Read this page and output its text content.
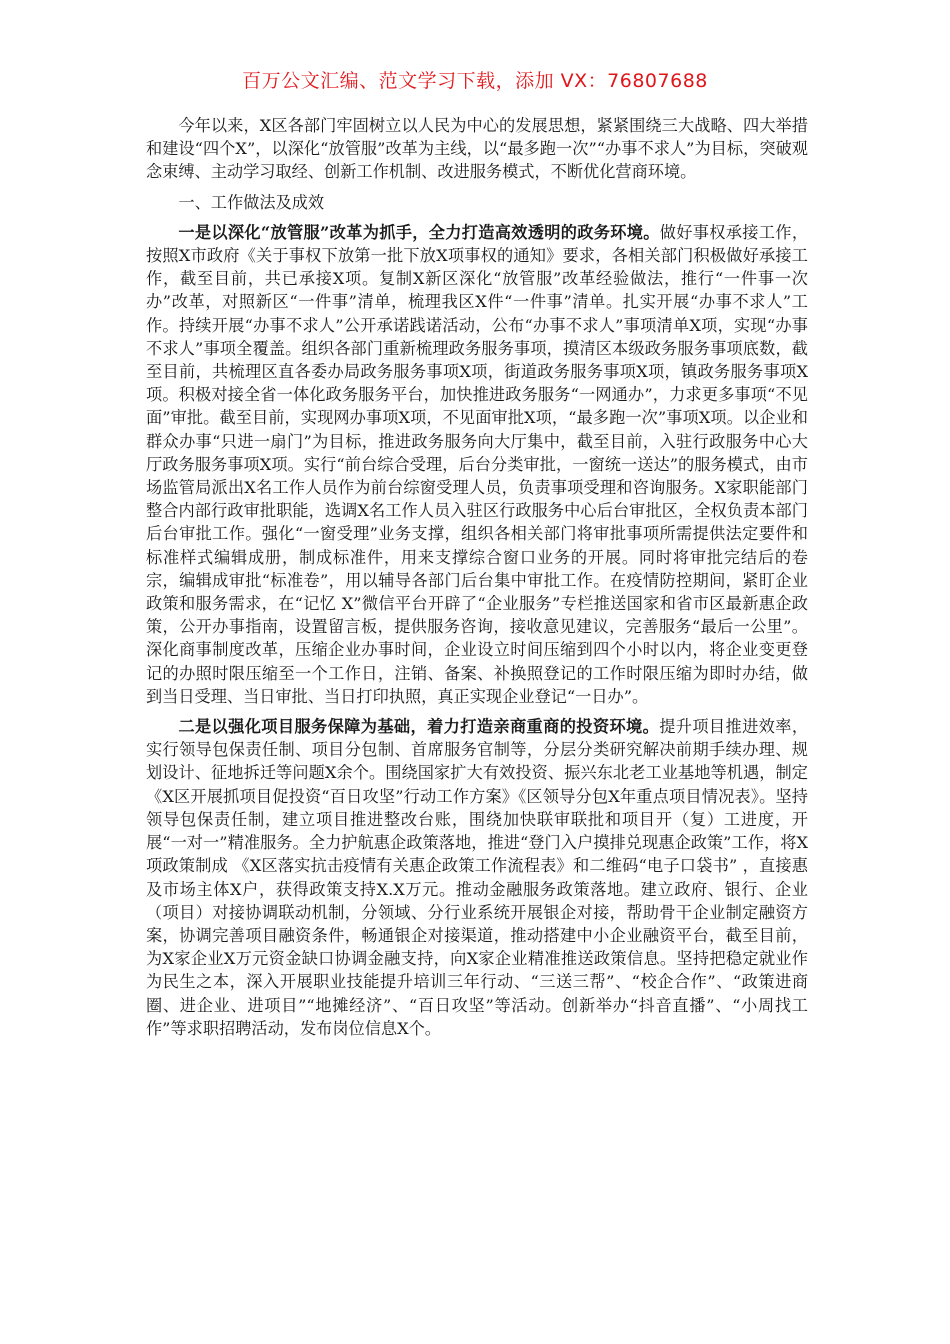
百万公文汇编、范文学习下载，添加 VX：76807688

今年以来，X区各部门牢固树立以人民为中心的发展思想，紧紧围绕三大战略、四大举措和建设“四个X”，以深化“放管服”改革为主线，以“最多跑一次”“办事不求人”为目标，突破观念束缚、主动学习取经、创新工作机制、改进服务模式，不断优化营商环境。

一、工作做法及成效

一是以深化“放管服”改革为抓手，全力打造高效透明的政务环境。做好事权承接工作，按照X市政府《关于事权下放第一批下放X项事权的通知》要求，各相关部门积极做好承接工作，截至目前，共已承接X项。复制X新区深化“放管服”改革经验做法，推行“一件事一次办”改革，对照新区“一件事”清单，梳理我区X件“一件事”清单。扎实开展“办事不求人”工作。持续开展“办事不求人”公开承诺践诺活动，公布“办事不求人”事项清单X项，实现“办事不求人”事项全覆盖。组织各部门重新梳理政务服务事项，摸清区本级政务服务事项底数，截至目前，共梳理区直各委办局政务服务事项X项，街道政务服务事项X项，镇政务服务事项X项。积极对接全省一体化政务服务平台，加快推进政务服务“一网通办”，力求更多事项“不见面”审批。截至目前，实现网办事项X项，不见面审批X项，“最多跑一次”事项X项。以企业和群众办事“只进一扇门”为目标，推进政务服务向大厅集中，截至目前，入驻行政服务中心大厅政务服务事项X项。实行“前台综合受理，后台分类审批，一窗统一送达”的服务模式，由市场监管局派出X名工作人员作为前台综窗受理人员，负责事项受理和咨询服务。X家职能部门整合内部行政审批职能，选调X名工作人员入驻区行政服务中心后台审批区，全权负责本部门后台审批工作。强化“一窗受理”业务支撑，组织各相关部门将审批事项所需提供法定要件和标准样式编辑成册，制成标准件，用来支撑综合窗口业务的开展。同时将审批完结后的卷宗，编辑成审批“标准卷”，用以辅导各部门后台集中审批工作。在疫情防控期间，紧盯企业政策和服务需求，在“记忆 X”微信平台开辟了“企业服务”专栏推送国家和省市区最新惠企政策，公开办事指南，设置留言板，提供服务咨询，接收意见建议，完善服务“最后一公里”。深化商事制度改革，压缩企业办事时间，企业设立时间压缩到四个小时以内，将企业变更登记的办照时限压缩至一个工作日，注销、备案、补换照登记的工作时限压缩为即时办结，做到当日受理、当日审批、当日打印执照，真正实现企业登记“一日办”。

二是以强化项目服务保障为基础，着力打造亲商重商的投资环境。提升项目推进效率，实行领导包保责任制、项目分包制、首席服务官制等，分层分类研究解决前期手续办理、规划设计、征地拆迁等问题X余个。围绕国家扩大有效投资、振兴东北老工业基地等机遇，制定《X区开展抓项目促投资“百日攻坚”行动工作方案》《区领导分包X年重点项目情况表》。坚持领导包保责任制，建立项目推进整改台账，围绕加快联审联批和项目开（复）工进度，开展“一对一”精准服务。全力护航惠企政策落地，推进“登门入户摸排兑现惠企政策”工作，将X项政策制成 《X区落实抗击疫情有关惠企政策工作流程表》和二维码“电子口袋书” ，直接惠及市场主体X户，获得政策支持X.X万元。推动金融服务政策落地。建立政府、银行、企业（项目）对接协调联动机制，分领域、分行业系统开展银企对接，帮助骨干企业制定融资方案，协调完善项目融资条件，畅通银企对接渠道，推动搭建中小企业融资平台，截至目前，为X家企业X万元资金缺口协调金融支持，向X家企业精准推送政策信息。坚持把稳定就业作为民生之本，深入开展职业技能提升培训三年行动、“三送三帮”、“校企合作”、“政策进商圈、进企业、进项目”“地摊经济”、“百日攻坚”等活动。创新举办“抖音直播”、“小周找工作”等求职招聘活动，发布岗位信息X个。
